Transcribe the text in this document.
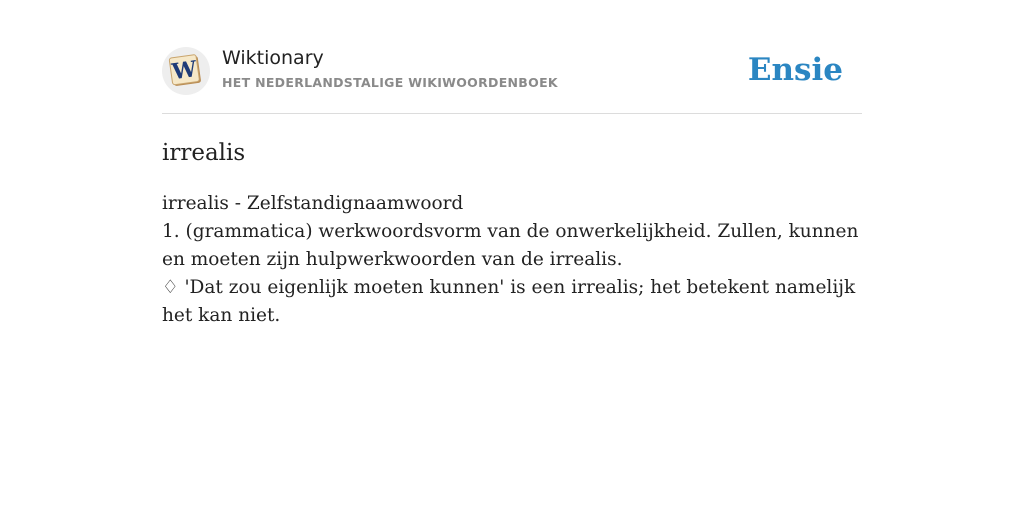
W Wiktionary
HET NEDERLANDSTALIGE WIKIWOORDENBOEK	Ensie
irrealis

irrealis - Zelfstandignaamwoord

1. (grammatica) werkwoordsvorm van de onwerkelijkheid. Zullen, kunnen en moeten zijn hulpwerkwoorden van de irrealis.

♢ 'Dat zou eigenlijk moeten kunnen' is een irrealis; het betekent namelijk het kan niet.
